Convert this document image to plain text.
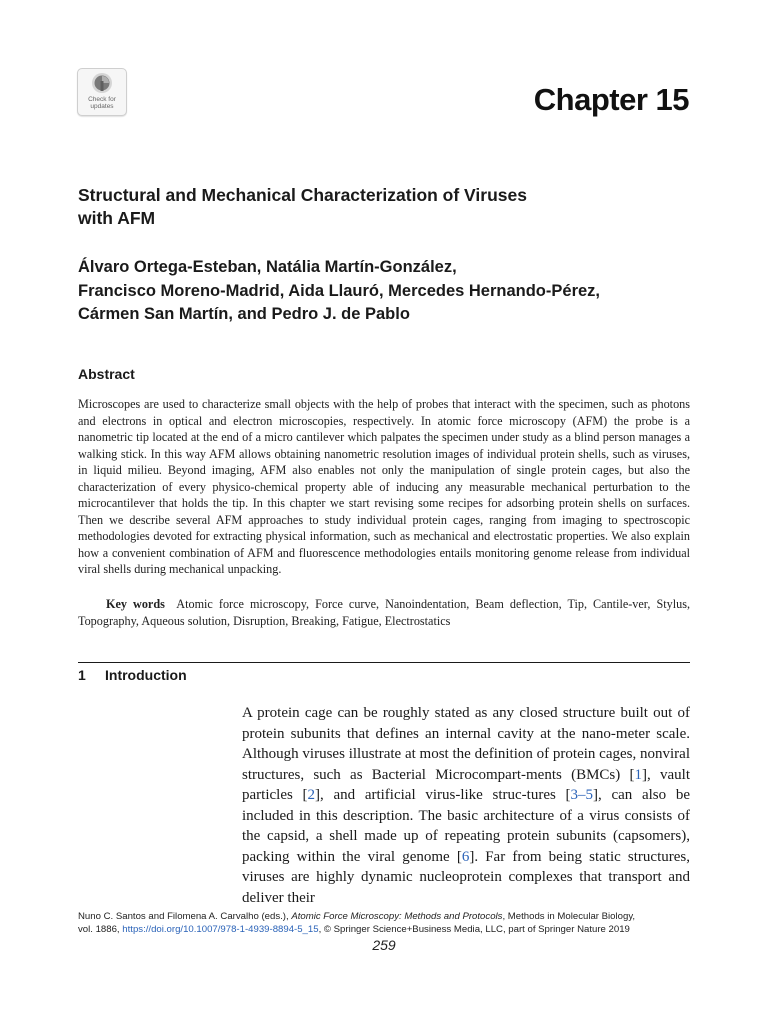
Check for
updates	Chapter 15
Structural and Mechanical Characterization of Viruses
with AFM
Álvaro Ortega-Esteban, Natália Martín-González,
Francisco Moreno-Madrid, Aida Llauró, Mercedes Hernando-Pérez,
Cármen San Martín, and Pedro J. de Pablo
Abstract
Microscopes are used to characterize small objects with the help of probes that interact with the specimen, such as photons and electrons in optical and electron microscopies, respectively. In atomic force microscopy (AFM) the probe is a nanometric tip located at the end of a micro cantilever which palpates the specimen under study as a blind person manages a walking stick. In this way AFM allows obtaining nanometric resolution images of individual protein shells, such as viruses, in liquid milieu. Beyond imaging, AFM also enables not only the manipulation of single protein cages, but also the characterization of every physico-chemical property able of inducing any measurable mechanical perturbation to the microcantilever that holds the tip. In this chapter we start revising some recipes for adsorbing protein shells on surfaces. Then we describe several AFM approaches to study individual protein cages, ranging from imaging to spectroscopic methodologies devoted for extracting physical information, such as mechanical and electrostatic properties. We also explain how a convenient combination of AFM and fluorescence methodologies entails monitoring genome release from individual viral shells during mechanical unpacking.
Key words Atomic force microscopy, Force curve, Nanoindentation, Beam deflection, Tip, Cantile-ver, Stylus, Topography, Aqueous solution, Disruption, Breaking, Fatigue, Electrostatics
1 Introduction
A protein cage can be roughly stated as any closed structure built out of protein subunits that defines an internal cavity at the nano-meter scale. Although viruses illustrate at most the definition of protein cages, nonviral structures, such as Bacterial Microcompart-ments (BMCs) [1], vault particles [2], and artificial virus-like struc-tures [3–5], can also be included in this description. The basic architecture of a virus consists of the capsid, a shell made up of repeating protein subunits (capsomers), packing within the viral genome [6]. Far from being static structures, viruses are highly dynamic nucleoprotein complexes that transport and deliver their
Nuno C. Santos and Filomena A. Carvalho (eds.), Atomic Force Microscopy: Methods and Protocols, Methods in Molecular Biology,
vol. 1886, https://doi.org/10.1007/978-1-4939-8894-5_15, © Springer Science+Business Media, LLC, part of Springer Nature 2019
259
